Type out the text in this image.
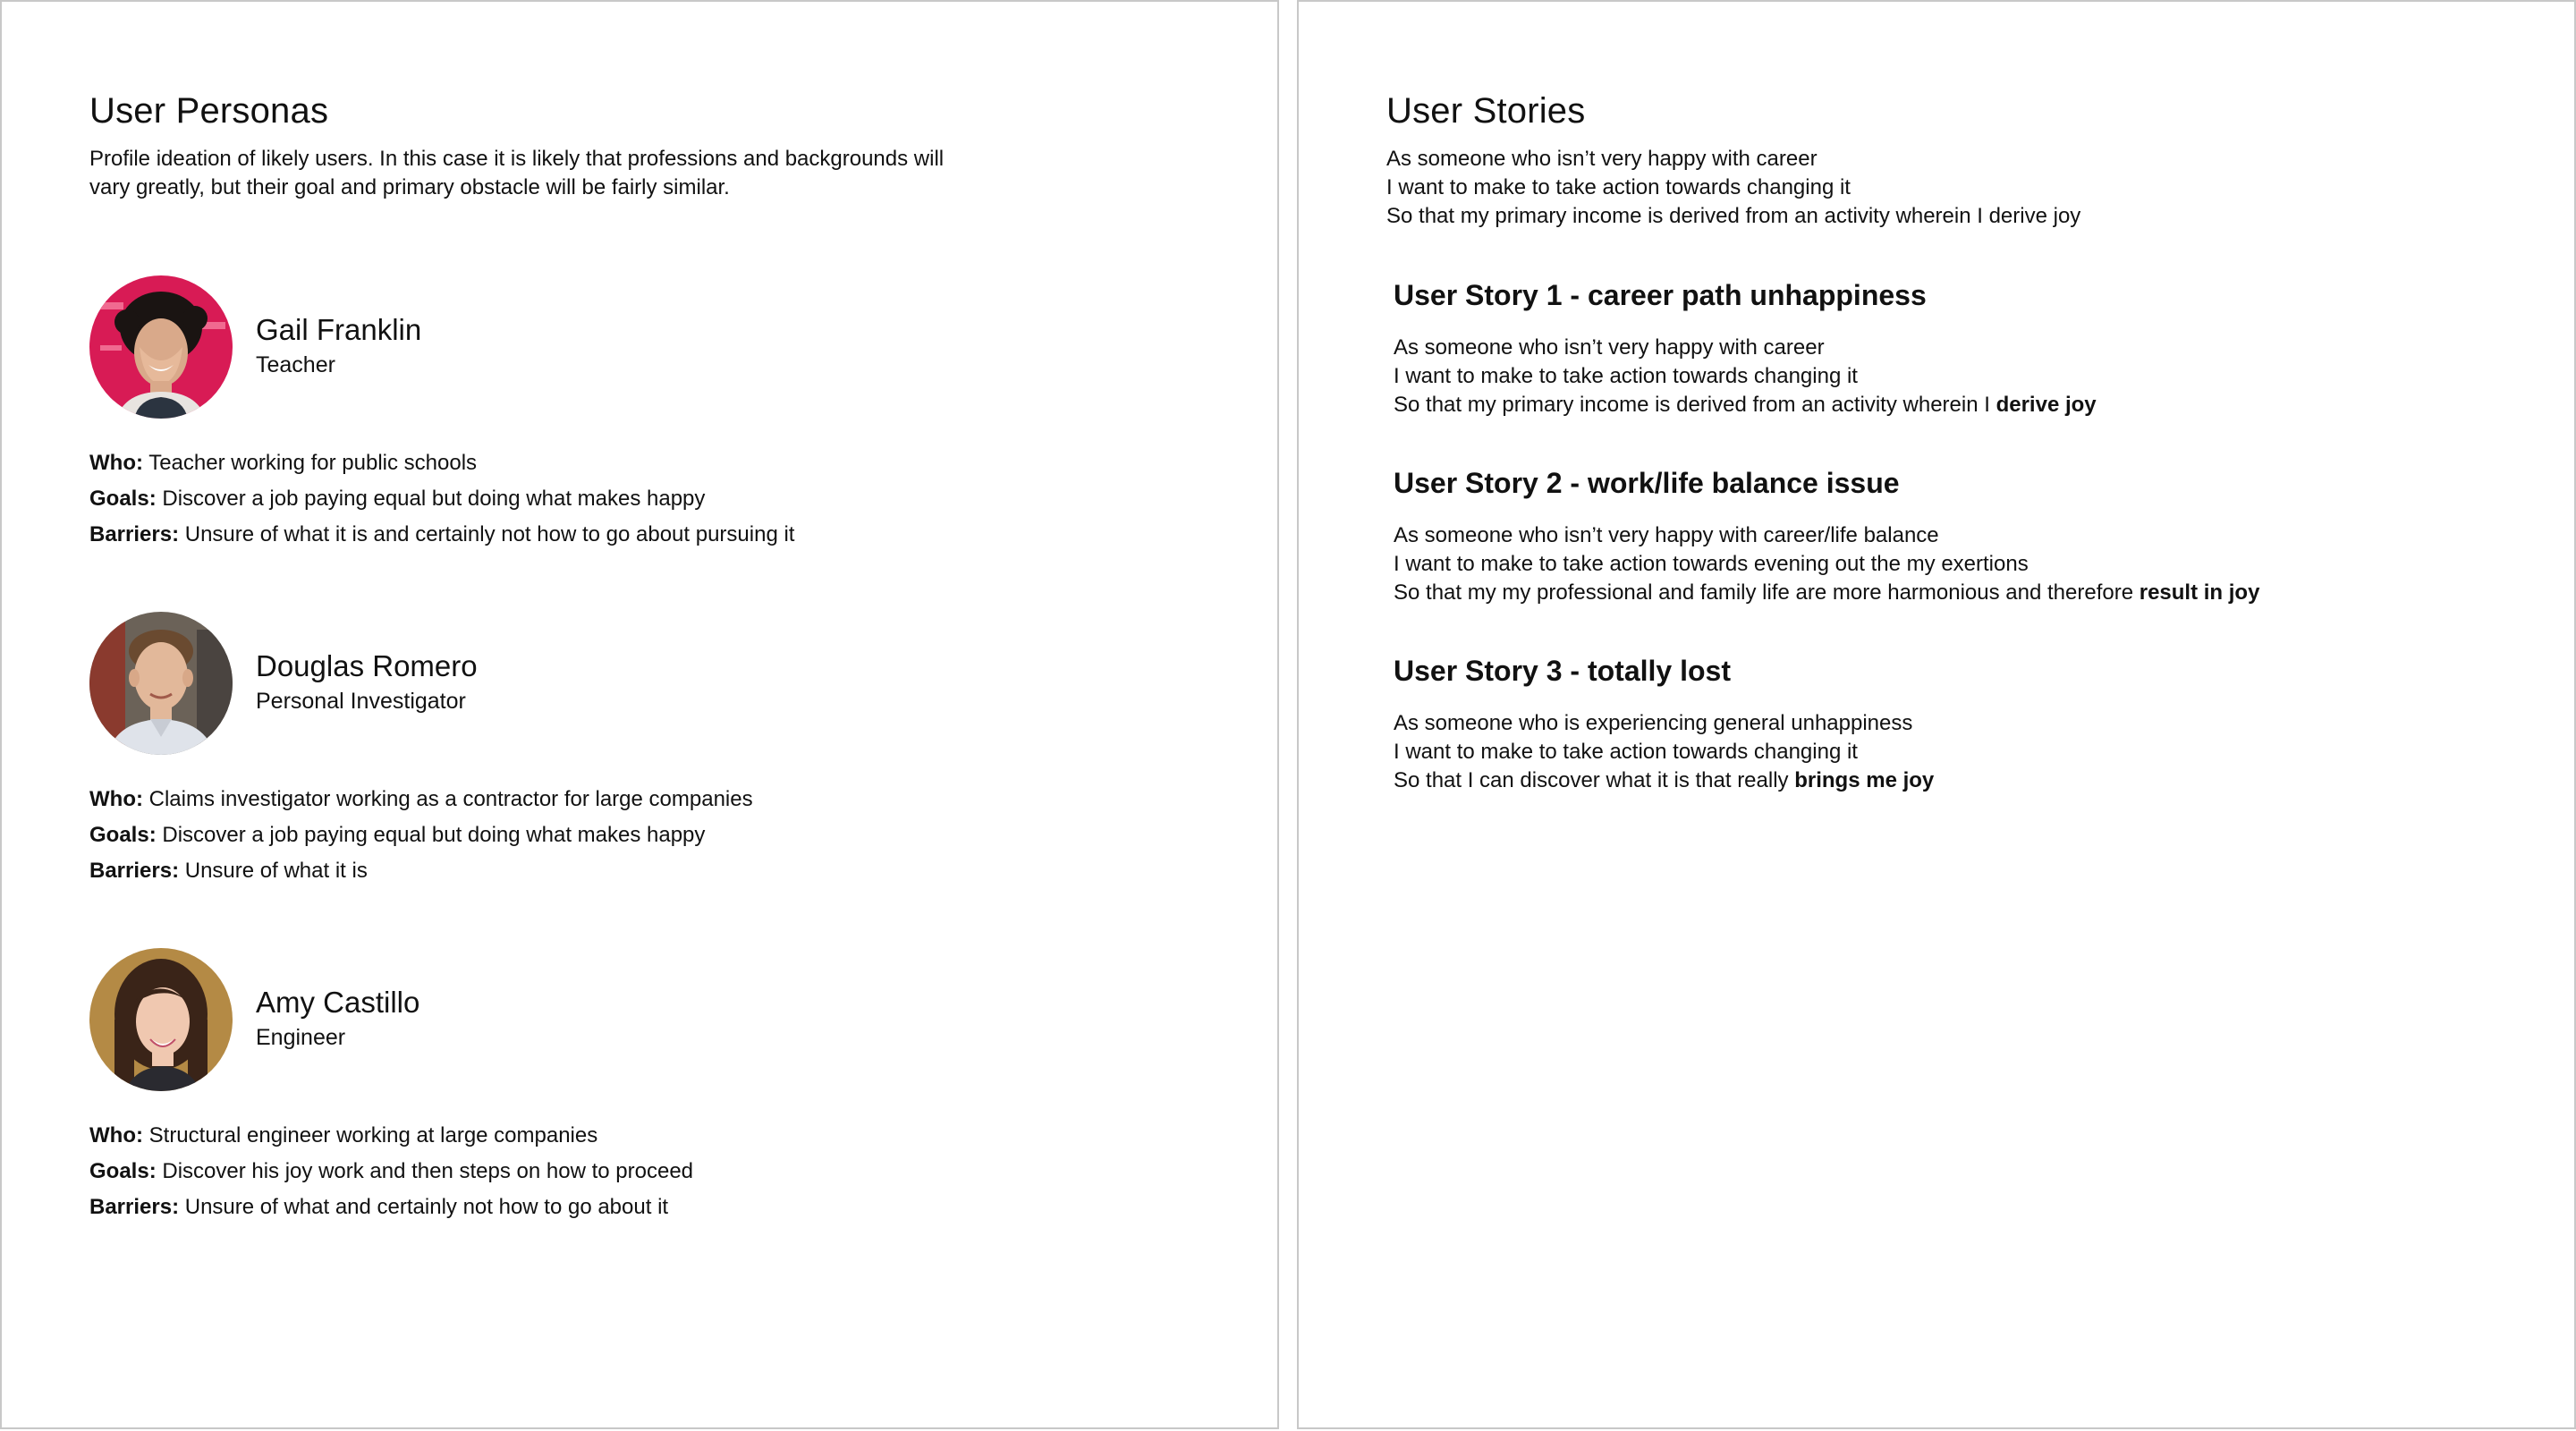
User Personas
Profile ideation of likely users. In this case it is likely that professions and backgrounds will
vary greatly, but their goal and primary obstacle will be fairly similar.
Gail Franklin
Teacher
Who: Teacher working for public schools
Goals: Discover a job paying equal but doing what makes happy
Barriers: Unsure of what it is and certainly not how to go about pursuing it
Douglas Romero
Personal Investigator
Who: Claims investigator working as a contractor for large companies
Goals: Discover a job paying equal but doing what makes happy
Barriers: Unsure of what it is
Amy Castillo
Engineer
Who: Structural engineer working at large companies
Goals: Discover his joy work and then steps on how to proceed
Barriers: Unsure of what and certainly not how to go about it
User Stories
As someone who isn’t very happy with career
I want to make to take action towards changing it
So that my primary income is derived from an activity wherein I derive joy
User Story 1 - career path unhappiness
As someone who isn’t very happy with career
I want to make to take action towards changing it
So that my primary income is derived from an activity wherein I derive joy
User Story 2 - work/life balance issue
As someone who isn’t very happy with career/life balance
I want to make to take action towards evening out the my exertions
So that my my professional and family life are more harmonious and therefore result in joy
User Story 3 - totally lost
As someone who is experiencing general unhappiness
I want to make to take action towards changing it
So that I can discover what it is that really brings me joy
